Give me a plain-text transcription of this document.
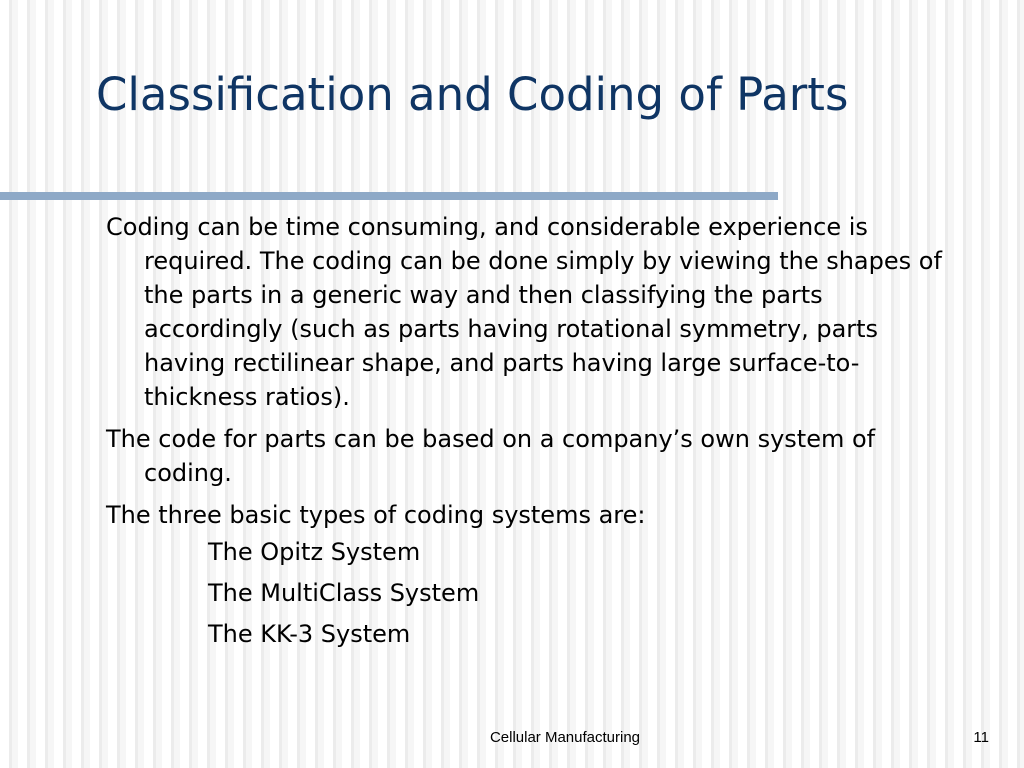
Classification and Coding of Parts

Coding can be time consuming, and considerable experience is required. The coding can be done simply by viewing the shapes of the parts in a generic way and then classifying the parts accordingly (such as parts having rotational symmetry, parts having rectilinear shape, and parts having large surface-to-thickness ratios).

The code for parts can be based on a company’s own system of coding.

The three basic types of coding systems are:

The Opitz System
The MultiClass System
The KK-3 System
Cellular Manufacturing	11
